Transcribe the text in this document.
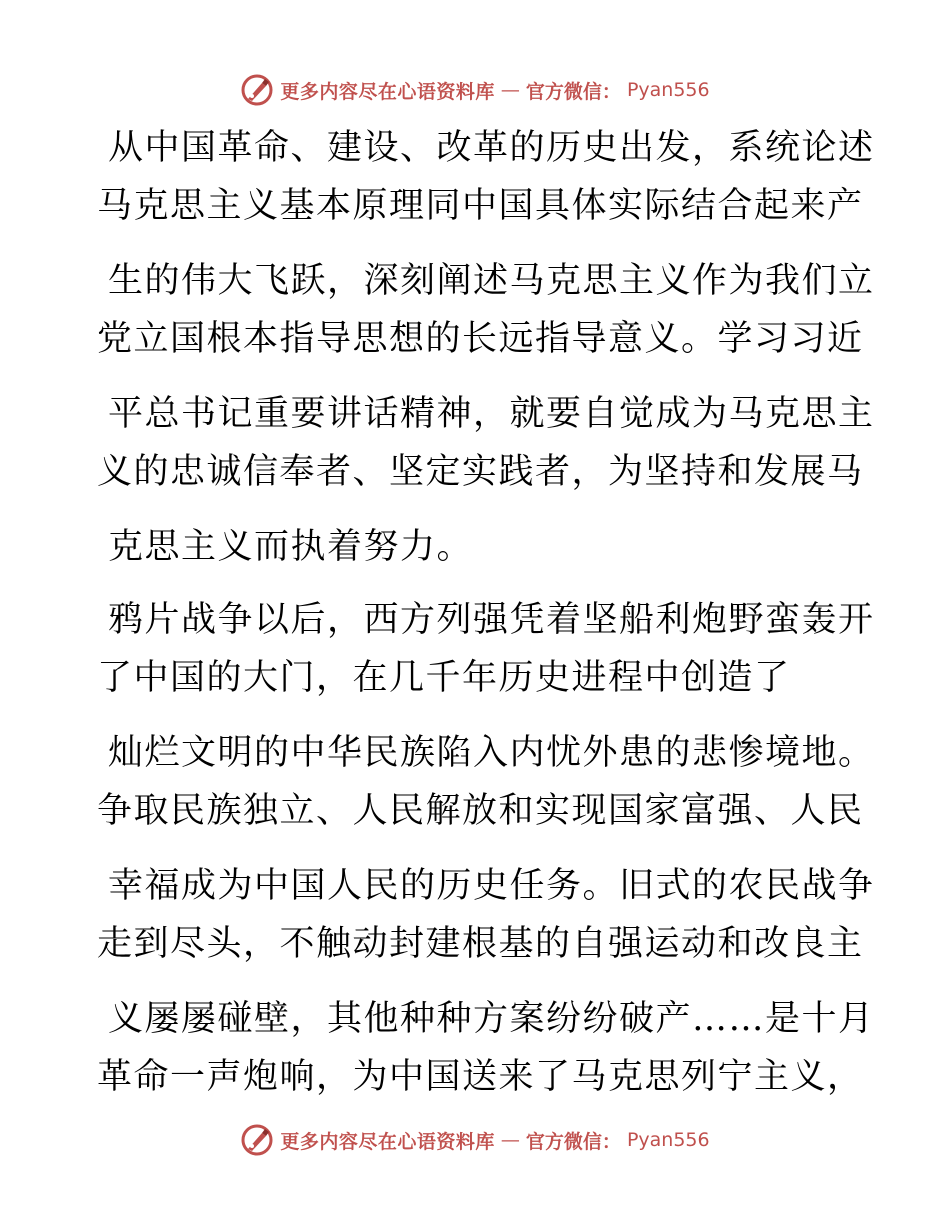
更多内容尽在心语资料库 — 官方微信： Pyan556
从中国革命、建设、改革的历史出发，系统论述
马克思主义基本原理同中国具体实际结合起来产
生的伟大飞跃，深刻阐述马克思主义作为我们立
党立国根本指导思想的长远指导意义。学习习近
平总书记重要讲话精神，就要自觉成为马克思主
义的忠诚信奉者、坚定实践者，为坚持和发展马
克思主义而执着努力。
鸦片战争以后，西方列强凭着坚船利炮野蛮轰开
了中国的大门，在几千年历史进程中创造了
灿烂文明的中华民族陷入内忧外患的悲惨境地。
争取民族独立、人民解放和实现国家富强、人民
幸福成为中国人民的历史任务。旧式的农民战争
走到尽头，不触动封建根基的自强运动和改良主
义屡屡碰壁，其他种种方案纷纷破产……是十月
革命一声炮响，为中国送来了马克思列宁主义，
更多内容尽在心语资料库 — 官方微信： Pyan556
